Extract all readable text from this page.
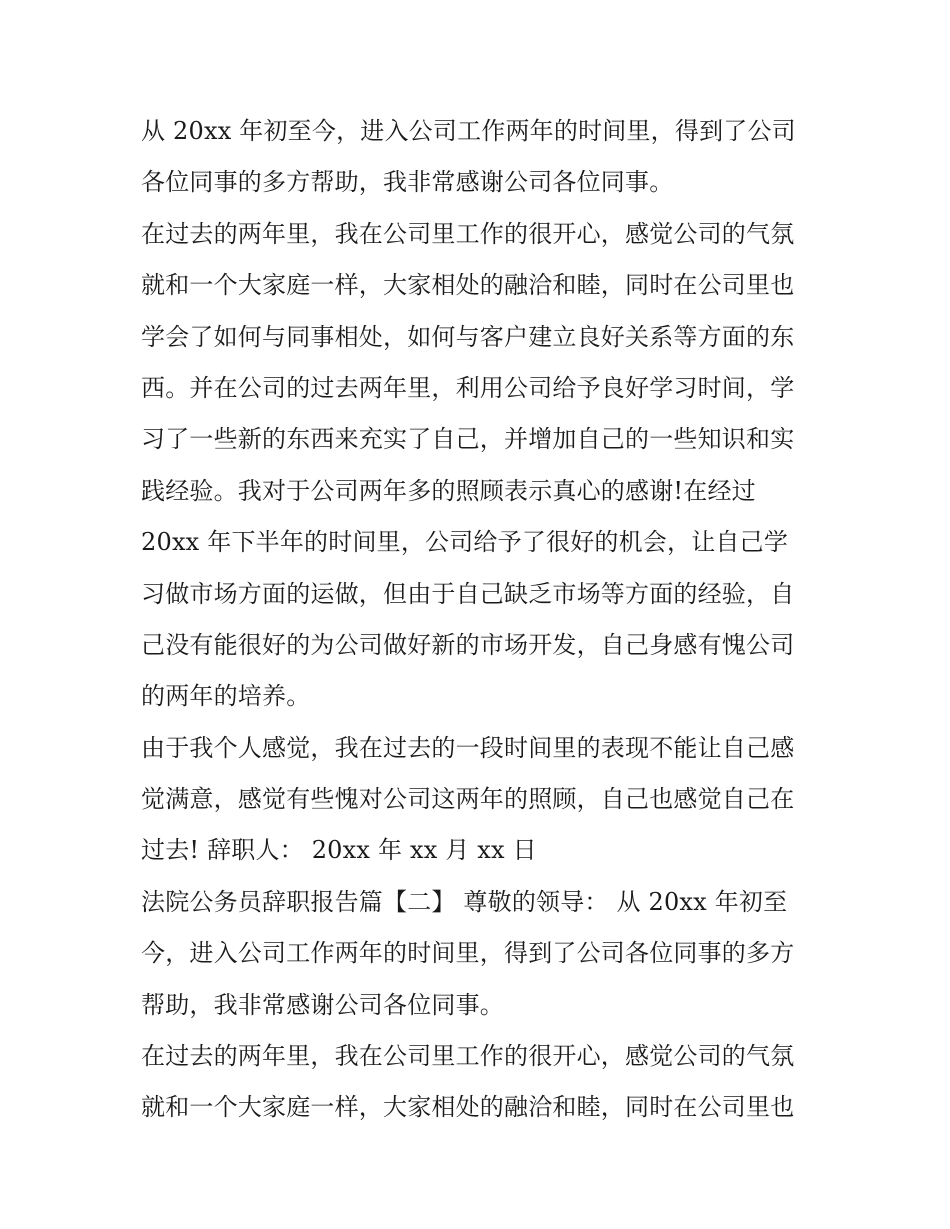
从 20xx 年初至今，进入公司工作两年的时间里，得到了公司
各位同事的多方帮助，我非常感谢公司各位同事。
在过去的两年里，我在公司里工作的很开心，感觉公司的气氛
就和一个大家庭一样，大家相处的融洽和睦，同时在公司里也
学会了如何与同事相处，如何与客户建立良好关系等方面的东
西。并在公司的过去两年里，利用公司给予良好学习时间，学
习了一些新的东西来充实了自己，并增加自己的一些知识和实
践经验。我对于公司两年多的照顾表示真心的感谢!在经过
20xx 年下半年的时间里，公司给予了很好的机会，让自己学
习做市场方面的运做，但由于自己缺乏市场等方面的经验，自
己没有能很好的为公司做好新的市场开发，自己身感有愧公司
的两年的培养。
由于我个人感觉，我在过去的一段时间里的表现不能让自己感
觉满意，感觉有些愧对公司这两年的照顾，自己也感觉自己在
过去! 辞职人： 20xx 年 xx 月 xx 日
法院公务员辞职报告篇【二】 尊敬的领导： 从 20xx 年初至
今，进入公司工作两年的时间里，得到了公司各位同事的多方
帮助，我非常感谢公司各位同事。
在过去的两年里，我在公司里工作的很开心，感觉公司的气氛
就和一个大家庭一样，大家相处的融洽和睦，同时在公司里也
